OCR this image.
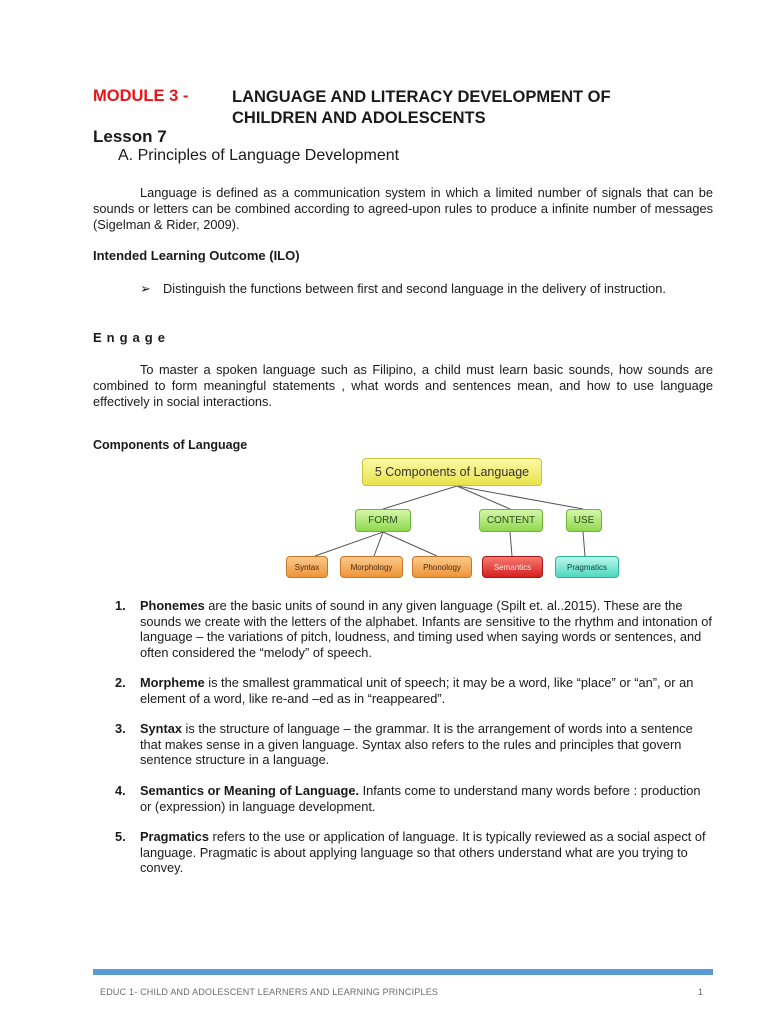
MODULE 3 -	LANGUAGE AND LITERACY DEVELOPMENT OF
CHILDREN AND ADOLESCENTS
Lesson 7
A. Principles of Language Development
Language is defined as a communication system in which a limited number of signals that can be sounds or letters can be combined according to agreed-upon rules to produce a infinite number of messages (Sigelman & Rider, 2009).
Intended Learning Outcome (ILO)
➢ Distinguish the functions between first and second language in the delivery of instruction.
Engage
To master a spoken language such as Filipino, a child must learn basic sounds, how sounds are combined to form meaningful statements , what words and sentences mean, and how to use language effectively in social interactions.
Components of Language
5 Components of Language
FORM	CONTENT	USE
Syntax	Morphology	Phonology	Semantics	Pragmatics
1. Phonemes are the basic units of sound in any given language (Spilt et. al..2015). These are the sounds we create with the letters of the alphabet. Infants are sensitive to the rhythm and intonation of language – the variations of pitch, loudness, and timing used when saying words or sentences, and often considered the “melody” of speech.
2. Morpheme is the smallest grammatical unit of speech; it may be a word, like “place” or “an”, or an element of a word, like re-and –ed as in “reappeared”.
3. Syntax is the structure of language – the grammar. It is the arrangement of words into a sentence that makes sense in a given language. Syntax also refers to the rules and principles that govern sentence structure in a language.
4. Semantics or Meaning of Language. Infants come to understand many words before : production or (expression) in language development.
5. Pragmatics refers to the use or application of language. It is typically reviewed as a social aspect of language. Pragmatic is about applying language so that others understand what are you trying to convey.
EDUC 1- CHILD AND ADOLESCENT LEARNERS AND LEARNING PRINCIPLES	1
